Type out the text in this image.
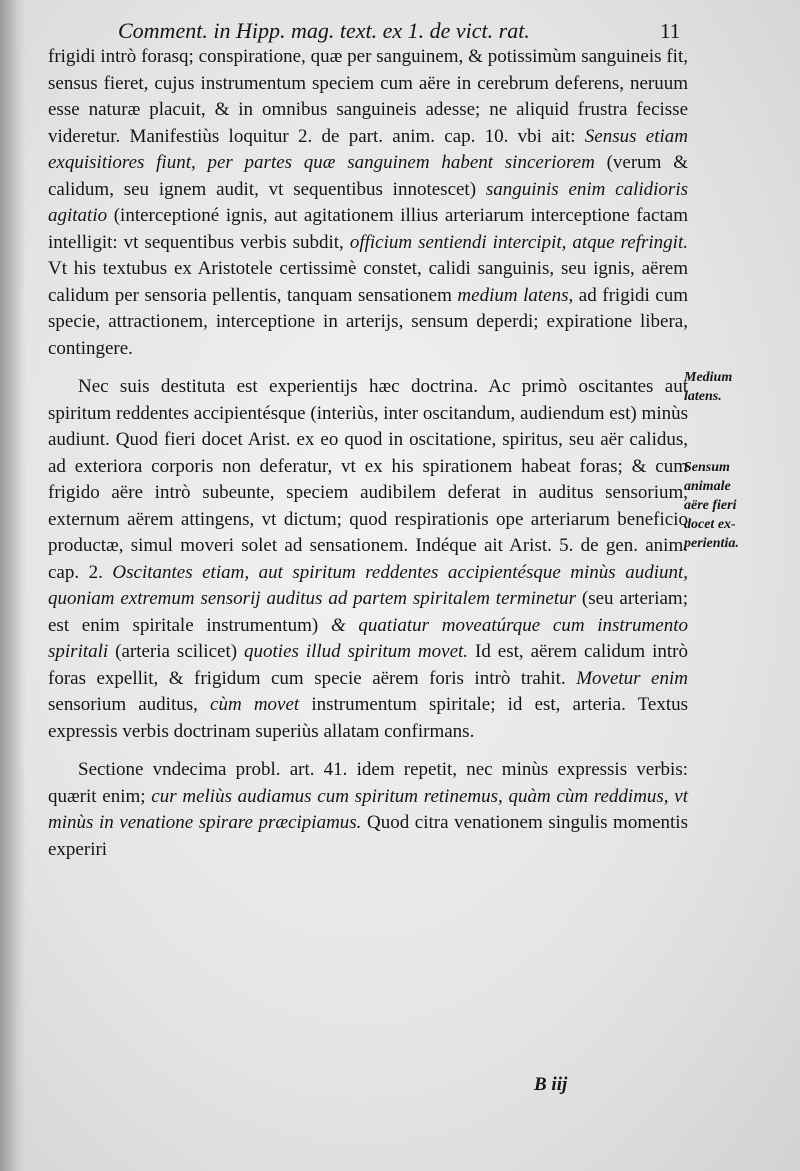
Comment. in Hipp. mag. text. ex 1. de vict. rat.	11

frigidi intrò forasq; conspiratione, quæ per sanguinem, & potissimùm sanguineis fit, sensus fieret, cujus instrumentum speciem cum aëre in cerebrum deferens, neruum esse naturæ placuit, & in omnibus sanguineis adesse; ne aliquid frustra fecisse videretur. Manifestiùs loquitur 2. de part. anim. cap. 10. vbi ait: Sensus etiam exquisitiores fiunt, per partes quæ sanguinem habent sinceriorem (verum & calidum, seu ignem audit, vt sequentibus innotescet) sanguinis enim calidioris agitatio (interceptioné ignis, aut agitationem illius arteriarum interceptione factam intelligit: vt sequentibus verbis subdit, officium sentiendi intercipit, atque refringit. Vt his textubus ex Aristotele certissimè constet, calidi sanguinis, seu ignis, aërem calidum per sensoria pellentis, tanquam sensationem medium latens, ad frigidi cum specie, attractionem, interceptione in arterijs, sensum deperdi; expiratione libera, contingere.

Nec suis destituta est experientijs hæc doctrina. Ac primò oscitantes aut spiritum reddentes accipientésque (interiùs, inter oscitandum, audiendum est) minùs audiunt. Quod fieri docet Arist. ex eo quod in oscitatione, spiritus, seu aër calidus, ad exteriora corporis non deferatur, vt ex his spirationem habeat foras; & cum frigido aëre intrò subeunte, speciem audibilem deferat in auditus sensorium, externum aërem attingens, vt dictum; quod respirationis ope arteriarum beneficio productæ, simul moveri solet ad sensationem. Indéque ait Arist. 5. de gen. anim. cap. 2. Oscitantes etiam, aut spiritum reddentes accipientésque minùs audiunt, quoniam extremum sensorij auditus ad partem spiritalem terminetur (seu arteriam; est enim spiritale instrumentum) & quatiatur moveatúrque cum instrumento spiritali (arteria scilicet) quoties illud spiritum movet. Id est, aërem calidum intrò foras expellit, & frigidum cum specie aërem foris intrò trahit. Movetur enim sensorium auditus, cùm movet instrumentum spiritale; id est, arteria. Textus expressis verbis doctrinam superiùs allatam confirmans.

Sectione vndecima probl. art. 41. idem repetit, nec minùs expressis verbis: quærit enim; cur meliùs audiamus cum spiritum retinemus, quàm cùm reddimus, vt minùs in venatione spirare præcipiamus. Quod citra venationem singulis momentis experiri

Medium
latens.
Sensum
animale
aëre fieri
docet ex-
perientia.
B iij
